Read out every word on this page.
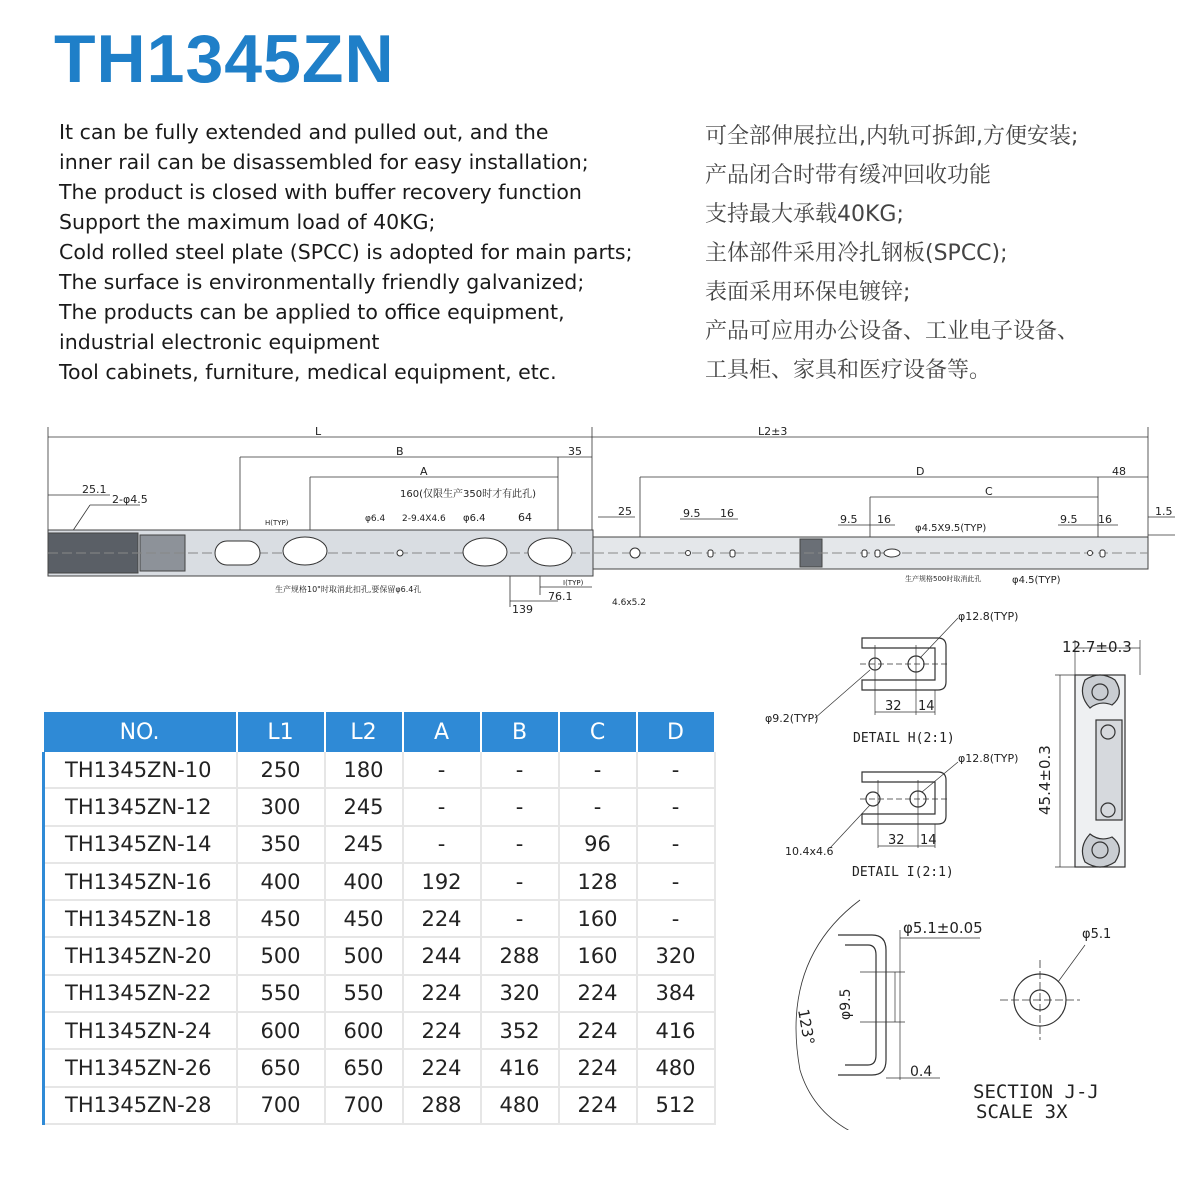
TH1345ZN
It can be fully extended and pulled out, and the
inner rail can be disassembled for easy installation;
The product is closed with buffer recovery function
Support the maximum load of 40KG;
Cold rolled steel plate (SPCC) is adopted for main parts;
The surface is environmentally friendly galvanized;
The products can be applied to office equipment,
industrial electronic equipment
Tool cabinets, furniture, medical equipment, etc.
可全部伸展拉出,内轨可拆卸,方便安装;
产品闭合时带有缓冲回收功能
支持最大承载40KG;
主体部件采用冷扎钢板(SPCC);
表面采用环保电镀锌;
产品可应用办公设备、工业电子设备、
工具柜、家具和医疗设备等。
L	L2±3
B	35
A	D	48
C
25.1
2-φ4.5	160(仅限生产350时才有此孔)
25	9.5 16	9.5 16
φ4.5X9.5(TYP)
9.5 16
1.5
H(TYP)	φ6.4 2-9.4X4.6 φ6.4	64
I(TYP)
76.1
139	4.6x5.2
生产规格10"时取消此扣孔,要保留φ6.4孔
生产规格500时取消此孔	φ4.5(TYP)
φ12.8(TYP)
φ9.2(TYP)
32 14
φ12.8(TYP)
10.4x4.6
32 14
12.7±0.3
45.4±0.3
φ5.1±0.05	φ5.1
123°
φ9.5
0.4
DETAIL H(2:1)
DETAIL I(2:1)
SECTION J-J
SCALE 3X
NO.	L1	L2	A	B	C	D
TH1345ZN-10	250	180	-	-	-	-
TH1345ZN-12	300	245	-	-	-	-
TH1345ZN-14	350	245	-	-	96	-
TH1345ZN-16	400	400	192	-	128	-
TH1345ZN-18	450	450	224	-	160	-
TH1345ZN-20	500	500	244	288	160	320
TH1345ZN-22	550	550	224	320	224	384
TH1345ZN-24	600	600	224	352	224	416
TH1345ZN-26	650	650	224	416	224	480
TH1345ZN-28	700	700	288	480	224	512
